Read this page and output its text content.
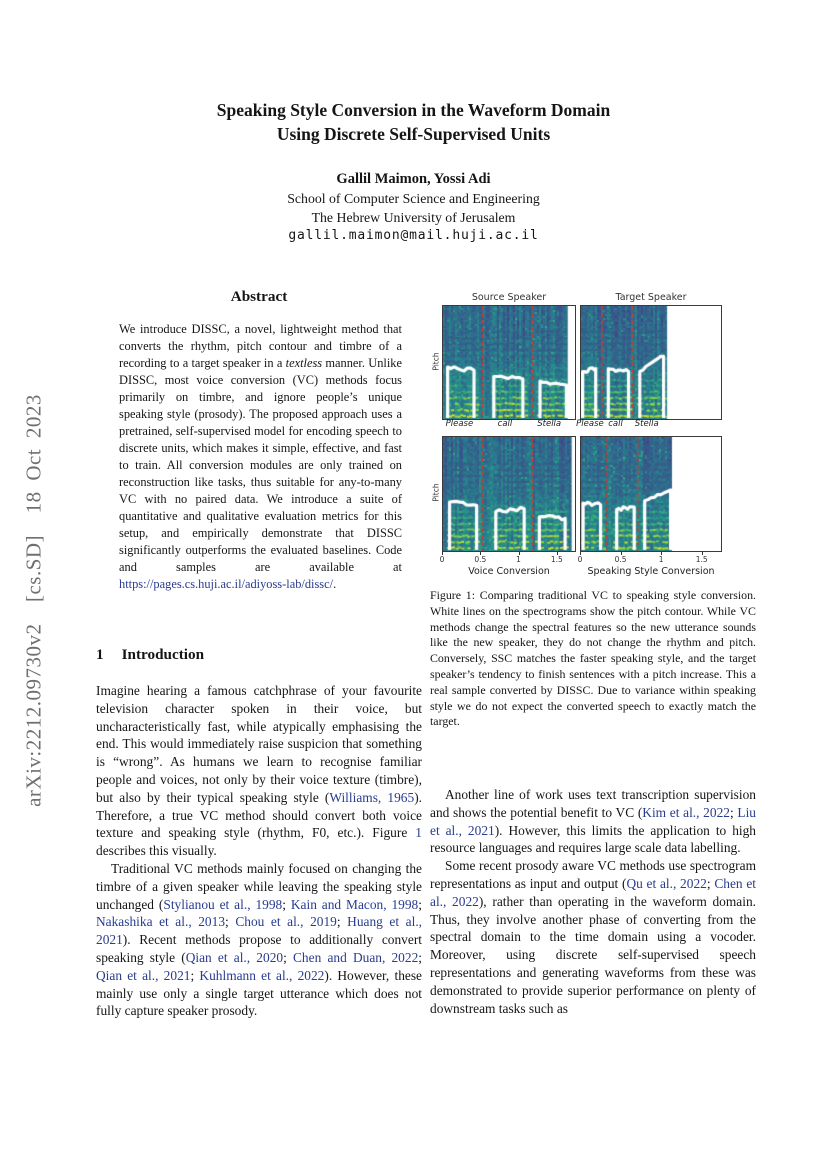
arXiv:2212.09730v2  [cs.SD]  18 Oct 2023
Speaking Style Conversion in the Waveform Domain
Using Discrete Self-Supervised Units
Gallil Maimon, Yossi Adi
School of Computer Science and Engineering
The Hebrew University of Jerusalem
gallil.maimon@mail.huji.ac.il
Abstract
We introduce DISSC, a novel, lightweight method that converts the rhythm, pitch contour and timbre of a recording to a target speaker in a textless manner. Unlike DISSC, most voice conversion (VC) methods focus primarily on timbre, and ignore people’s unique speaking style (prosody). The proposed approach uses a pretrained, self-supervised model for encoding speech to discrete units, which makes it simple, effective, and fast to train. All conversion modules are only trained on reconstruction like tasks, thus suitable for any-to-many VC with no paired data. We introduce a suite of quantitative and qualitative evaluation metrics for this setup, and empirically demonstrate that DISSC significantly outperforms the evaluated baselines. Code and samples are available at https://pages.cs.huji.ac.il/adiyoss-lab/dissc/.
1 Introduction

Imagine hearing a famous catchphrase of your favourite television character spoken in their voice, but uncharacteristically fast, while atypically emphasising the end. This would immediately raise suspicion that something is “wrong”. As humans we learn to recognise familiar people and voices, not only by their voice texture (timbre), but also by their typical speaking style (Williams, 1965). Therefore, a true VC method should convert both voice texture and speaking style (rhythm, F0, etc.). Figure 1 describes this visually.

Traditional VC methods mainly focused on changing the timbre of a given speaker while leaving the speaking style unchanged (Stylianou et al., 1998; Kain and Macon, 1998; Nakashika et al., 2013; Chou et al., 2019; Huang et al., 2021). Recent methods propose to additionally convert speaking style (Qian et al., 2020; Chen and Duan, 2022; Qian et al., 2021; Kuhlmann et al., 2022). However, these mainly use only a single target utterance which does not fully capture speaker prosody.

Source Speaker
Please	call	Stella
Target Speaker
Please call Stella
0	0.5	1	1.5
Voice Conversion
0	0.5	1	1.5
Speaking Style Conversion
Pitch
Pitch
Figure 1: Comparing traditional VC to speaking style conversion. White lines on the spectrograms show the pitch contour. While VC methods change the spectral features so the new utterance sounds like the new speaker, they do not change the rhythm and pitch. Conversely, SSC matches the faster speaking style, and the target speaker’s tendency to finish sentences with a pitch increase. This a real sample converted by DISSC. Due to variance within speaking style we do not expect the converted speech to exactly match the target.

Another line of work uses text transcription supervision and shows the potential benefit to VC (Kim et al., 2022; Liu et al., 2021). However, this limits the application to high resource languages and requires large scale data labelling.

Some recent prosody aware VC methods use spectrogram representations as input and output (Qu et al., 2022; Chen et al., 2022), rather than operating in the waveform domain. Thus, they involve another phase of converting from the spectral domain to the time domain using a vocoder. Moreover, using discrete self-supervised speech representations and generating waveforms from these was demonstrated to provide superior performance on plenty of downstream tasks such as
